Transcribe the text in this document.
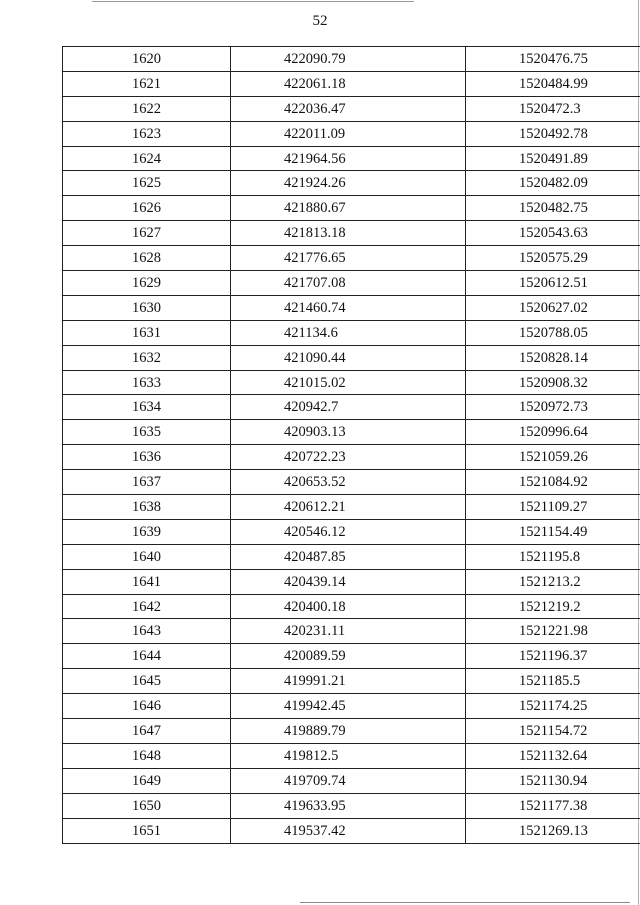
52
1620	422090.79	1520476.75
1621	422061.18	1520484.99
1622	422036.47	1520472.3
1623	422011.09	1520492.78
1624	421964.56	1520491.89
1625	421924.26	1520482.09
1626	421880.67	1520482.75
1627	421813.18	1520543.63
1628	421776.65	1520575.29
1629	421707.08	1520612.51
1630	421460.74	1520627.02
1631	421134.6	1520788.05
1632	421090.44	1520828.14
1633	421015.02	1520908.32
1634	420942.7	1520972.73
1635	420903.13	1520996.64
1636	420722.23	1521059.26
1637	420653.52	1521084.92
1638	420612.21	1521109.27
1639	420546.12	1521154.49
1640	420487.85	1521195.8
1641	420439.14	1521213.2
1642	420400.18	1521219.2
1643	420231.11	1521221.98
1644	420089.59	1521196.37
1645	419991.21	1521185.5
1646	419942.45	1521174.25
1647	419889.79	1521154.72
1648	419812.5	1521132.64
1649	419709.74	1521130.94
1650	419633.95	1521177.38
1651	419537.42	1521269.13
